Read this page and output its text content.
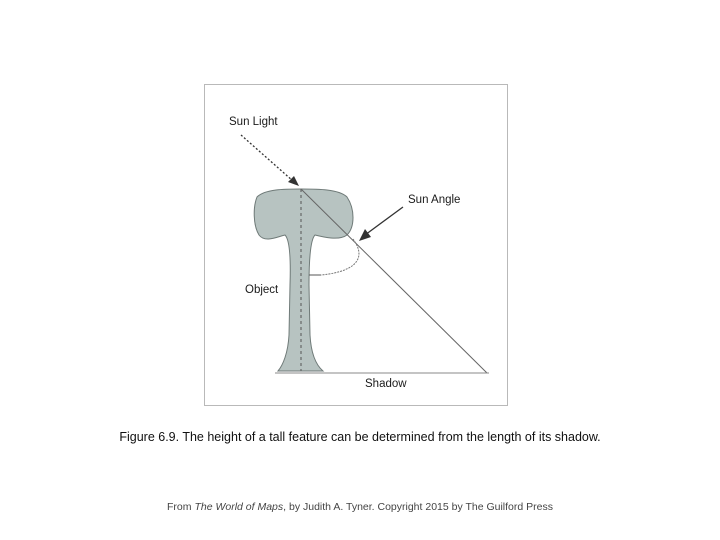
Sun Light
Sun Angle
Object
Shadow
Figure 6.9. The height of a tall feature can be determined from the length of its shadow.
From The World of Maps, by Judith A. Tyner. Copyright 2015 by The Guilford Press
